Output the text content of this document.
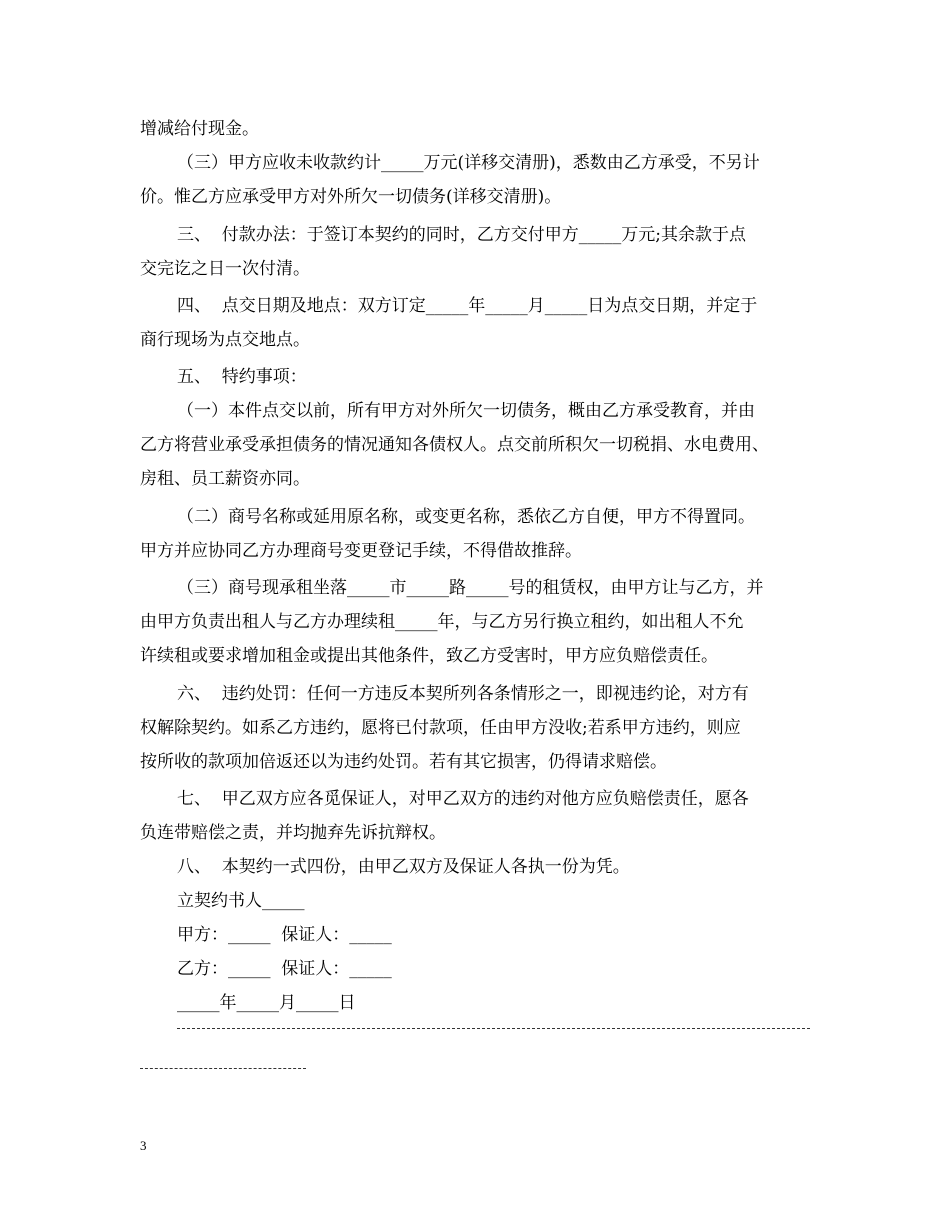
增减给付现金。
（三）甲方应收未收款约计_____万元(详移交清册)，悉数由乙方承受，不另计
价。惟乙方应承受甲方对外所欠一切债务(详移交清册)。
三、  付款办法：于签订本契约的同时，乙方交付甲方_____万元;其余款于点
交完讫之日一次付清。
四、  点交日期及地点：双方订定_____年_____月_____日为点交日期，并定于
商行现场为点交地点。
五、  特约事项：
（一）本件点交以前，所有甲方对外所欠一切债务，概由乙方承受教育，并由
乙方将营业承受承担债务的情况通知各债权人。点交前所积欠一切税捐、水电费用、
房租、员工薪资亦同。
（二）商号名称或延用原名称，或变更名称，悉依乙方自便，甲方不得置同。
甲方并应协同乙方办理商号变更登记手续，不得借故推辞。
（三）商号现承租坐落_____市_____路_____号的租赁权，由甲方让与乙方，并
由甲方负责出租人与乙方办理续租_____年，与乙方另行换立租约，如出租人不允
许续租或要求增加租金或提出其他条件，致乙方受害时，甲方应负赔偿责任。
六、  违约处罚：任何一方违反本契所列各条情形之一，即视违约论，对方有
权解除契约。如系乙方违约，愿将已付款项，任由甲方没收;若系甲方违约，则应
按所收的款项加倍返还以为违约处罚。若有其它损害，仍得请求赔偿。
七、  甲乙双方应各觅保证人，对甲乙双方的违约对他方应负赔偿责任，愿各
负连带赔偿之责，并均抛弃先诉抗辩权。
八、  本契约一式四份，由甲乙双方及保证人各执一份为凭。
立契约书人_____
甲方：_____  保证人：_____
乙方：_____  保证人：_____
_____年_____月_____日
3
